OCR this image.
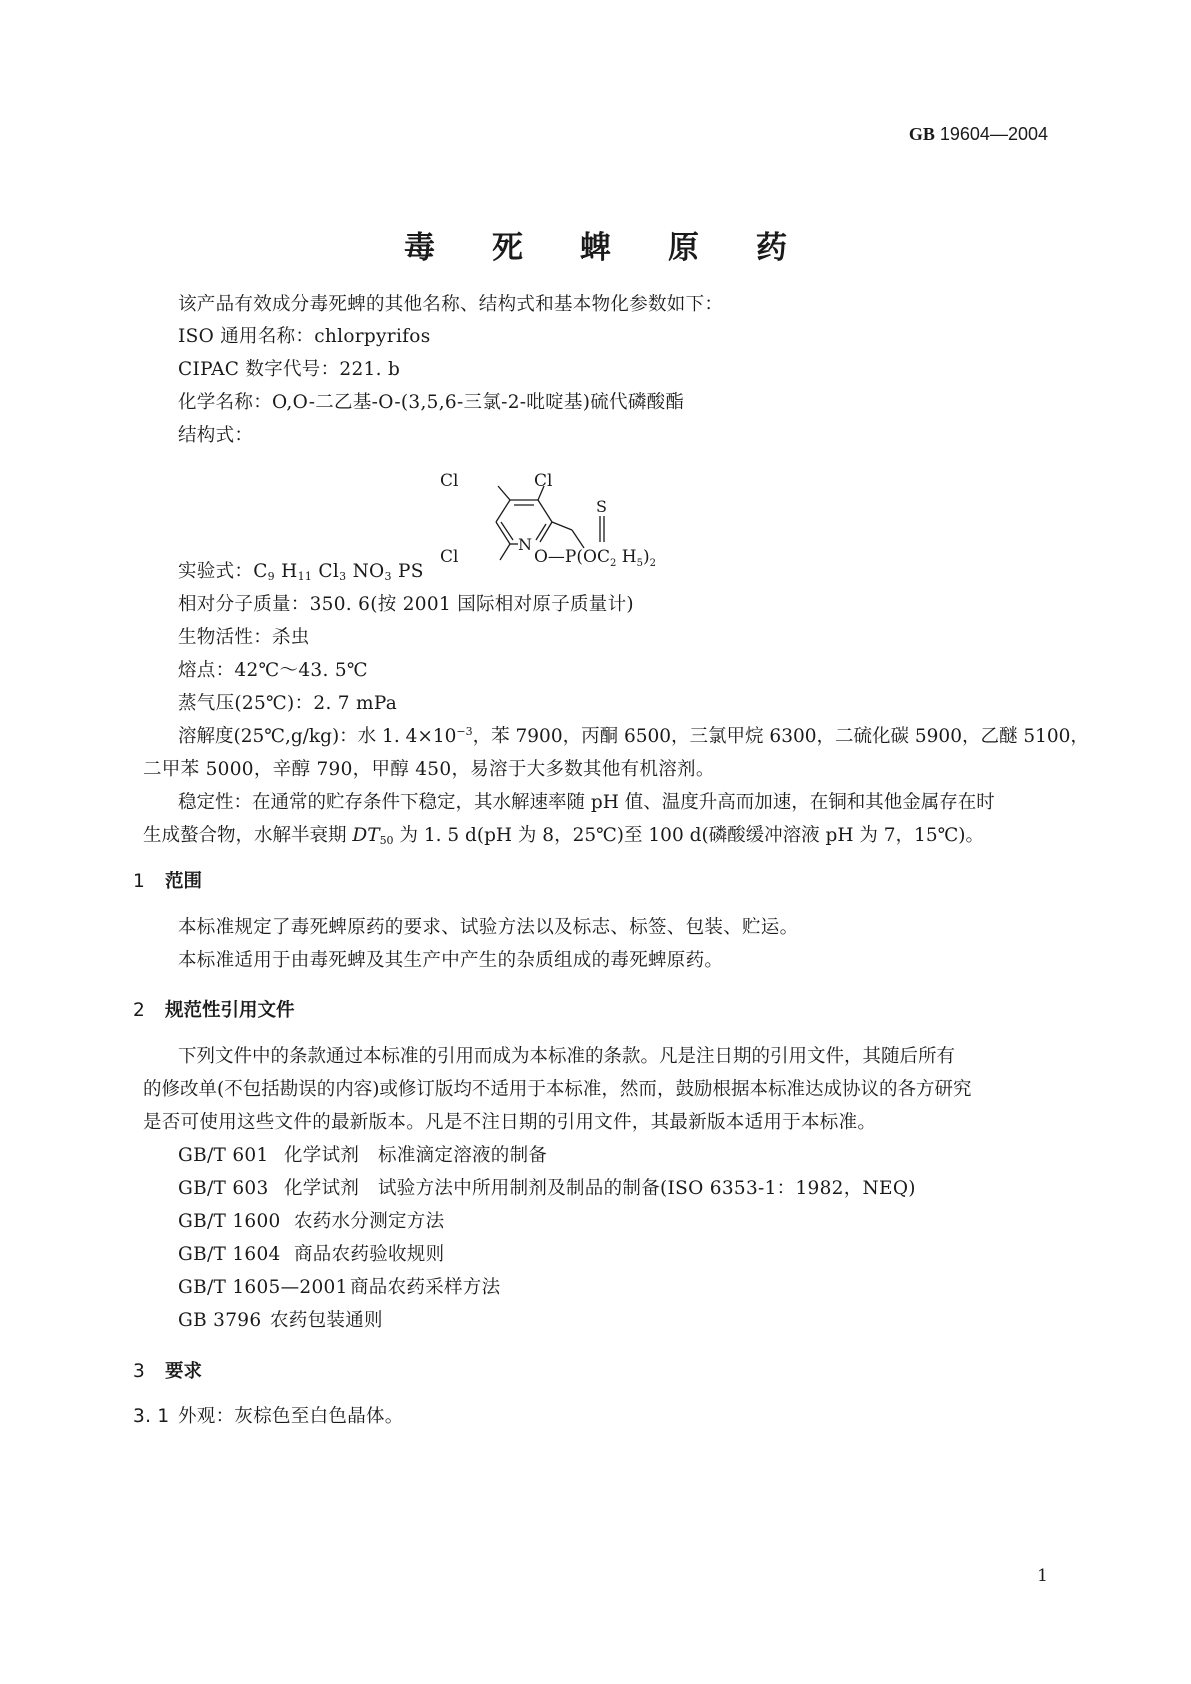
GB 19604—2004
毒死蜱原药
该产品有效成分毒死蜱的其他名称、结构式和基本物化参数如下：
ISO 通用名称：chlorpyrifos
CIPAC 数字代号：221. b
化学名称：O,O-二乙基-O-(3,5,6-三氯-2-吡啶基)硫代磷酸酯
结构式：
Cl	Cl
Cl
N
S
$O—P(OC_2$ $H_5)_2$
实验式：$C_9$ $H_{11}$ $Cl_3$ $NO_3$ PS
相对分子质量：350. 6(按 2001 国际相对原子质量计)
生物活性：杀虫
熔点：42℃～43. 5℃
蒸气压(25℃)：2. 7 mPa
溶解度(25℃,g/kg)：水 1. $4\times 10^{-3}$，苯 7900，丙酮 6500，三氯甲烷 6300，二硫化碳 5900，乙醚 5100，
二甲苯 5000，辛醇 790，甲醇 450，易溶于大多数其他有机溶剂。
稳定性：在通常的贮存条件下稳定，其水解速率随 pH 值、温度升高而加速，在铜和其他金属存在时
生成螯合物，水解半衰期 $DT_{50}$ 为 1. 5 d(pH 为 8，25℃)至 100 d(磷酸缓冲溶液 pH 为 7，15℃)。
1 范围
本标准规定了毒死蜱原药的要求、试验方法以及标志、标签、包装、贮运。
本标准适用于由毒死蜱及其生产中产生的杂质组成的毒死蜱原药。
2 规范性引用文件
下列文件中的条款通过本标准的引用而成为本标准的条款。凡是注日期的引用文件，其随后所有
的修改单(不包括勘误的内容)或修订版均不适用于本标准，然而，鼓励根据本标准达成协议的各方研究
是否可使用这些文件的最新版本。凡是不注日期的引用文件，其最新版本适用于本标准。
GB/T 601 化学试剂　标准滴定溶液的制备
GB/T 603 化学试剂　试验方法中所用制剂及制品的制备(ISO 6353-1：1982，NEQ)
GB/T 1600 农药水分测定方法
GB/T 1604 商品农药验收规则
GB/T 1605—2001 商品农药采样方法
GB 3796 农药包装通则
3 要求
3. 1 外观：灰棕色至白色晶体。
1
